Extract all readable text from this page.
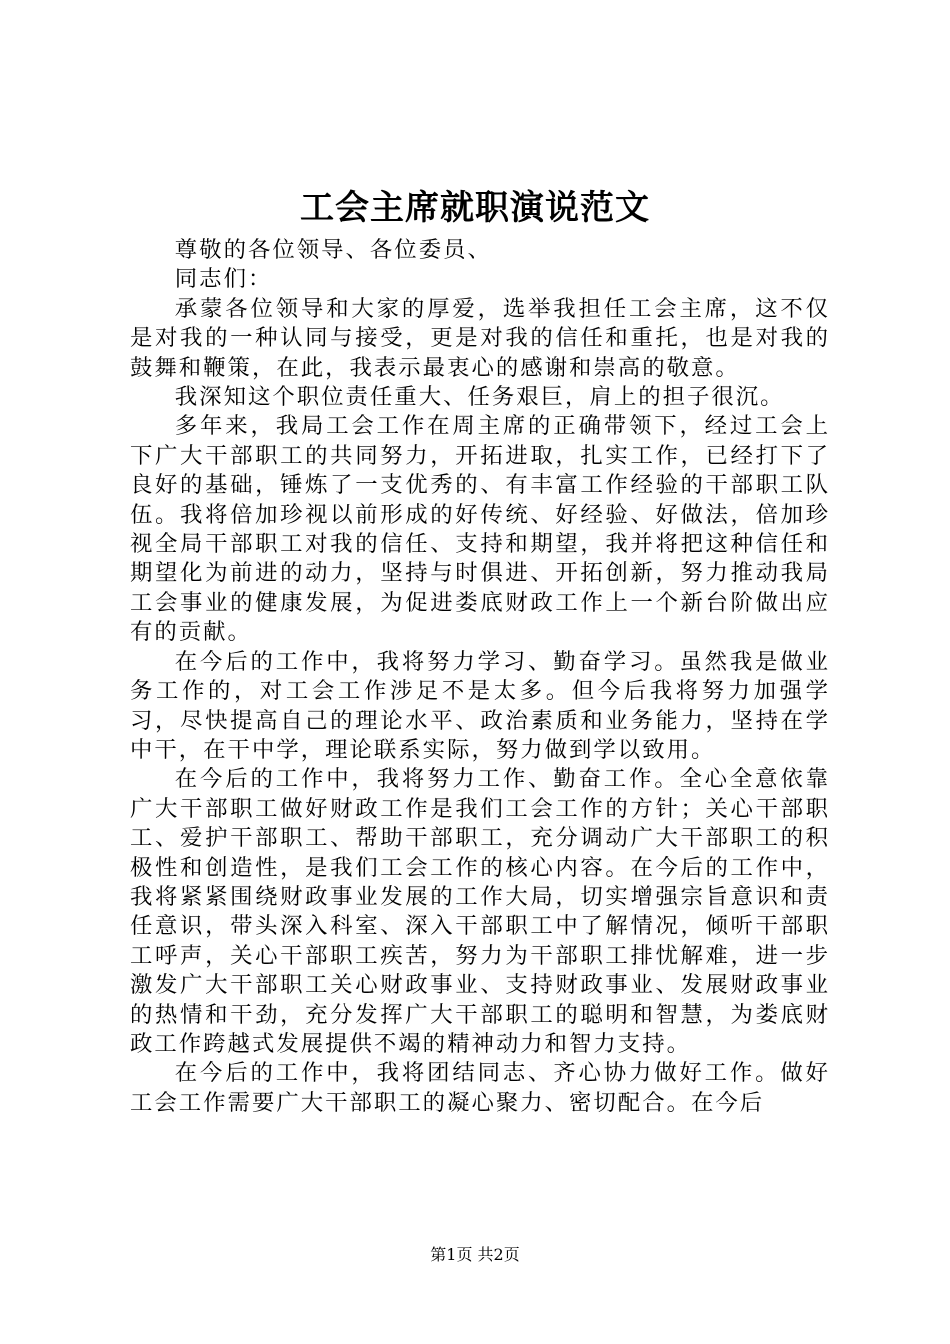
工会主席就职演说范文

尊敬的各位领导、各位委员、

同志们：

承蒙各位领导和大家的厚爱，选举我担任工会主席，这不仅是对我的一种认同与接受，更是对我的信任和重托，也是对我的鼓舞和鞭策，在此，我表示最衷心的感谢和崇高的敬意。

我深知这个职位责任重大、任务艰巨，肩上的担子很沉。

多年来，我局工会工作在周主席的正确带领下，经过工会上下广大干部职工的共同努力，开拓进取，扎实工作，已经打下了良好的基础，锤炼了一支优秀的、有丰富工作经验的干部职工队伍。我将倍加珍视以前形成的好传统、好经验、好做法，倍加珍视全局干部职工对我的信任、支持和期望，我并将把这种信任和期望化为前进的动力，坚持与时俱进、开拓创新，努力推动我局工会事业的健康发展，为促进娄底财政工作上一个新台阶做出应有的贡献。

在今后的工作中，我将努力学习、勤奋学习。虽然我是做业务工作的，对工会工作涉足不是太多。但今后我将努力加强学习，尽快提高自己的理论水平、政治素质和业务能力，坚持在学中干，在干中学，理论联系实际，努力做到学以致用。

在今后的工作中，我将努力工作、勤奋工作。全心全意依靠广大干部职工做好财政工作是我们工会工作的方针；关心干部职工、爱护干部职工、帮助干部职工，充分调动广大干部职工的积极性和创造性，是我们工会工作的核心内容。在今后的工作中，我将紧紧围绕财政事业发展的工作大局，切实增强宗旨意识和责任意识，带头深入科室、深入干部职工中了解情况，倾听干部职工呼声，关心干部职工疾苦，努力为干部职工排忧解难，进一步激发广大干部职工关心财政事业、支持财政事业、发展财政事业的热情和干劲，充分发挥广大干部职工的聪明和智慧，为娄底财政工作跨越式发展提供不竭的精神动力和智力支持。

在今后的工作中，我将团结同志、齐心协力做好工作。做好工会工作需要广大干部职工的凝心聚力、密切配合。在今后

第1页 共2页
